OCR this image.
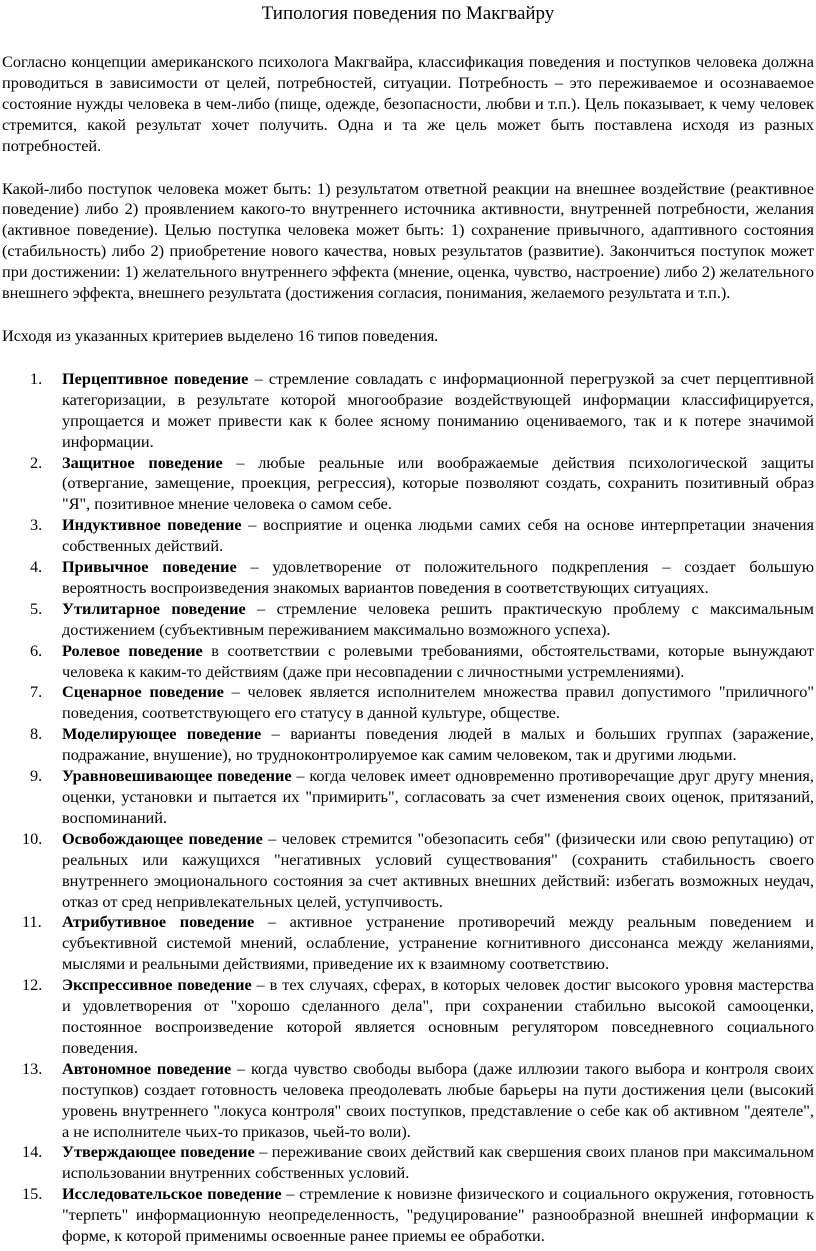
Типология поведения по Макгвайру

Согласно концепции американского психолога Макгвайра, классификация поведения и поступков человека должна проводиться в зависимости от целей, потребностей, ситуации. Потребность – это переживаемое и осознаваемое состояние нужды человека в чем-либо (пище, одежде, безопасности, любви и т.п.). Цель показывает, к чему человек стремится, какой результат хочет получить. Одна и та же цель может быть поставлена исходя из разных потребностей.

Какой-либо поступок человека может быть: 1) результатом ответной реакции на внешнее воздействие (реактивное поведение) либо 2) проявлением какого-то внутреннего источника активности, внутренней потребности, желания (активное поведение). Целью поступка человека может быть: 1) сохранение привычного, адаптивного состояния (стабильность) либо 2) приобретение нового качества, новых результатов (развитие). Закончиться поступок может при достижении: 1) желательного внутреннего эффекта (мнение, оценка, чувство, настроение) либо 2) желательного внешнего эффекта, внешнего результата (достижения согласия, понимания, желаемого результата и т.п.).

Исходя из указанных критериев выделено 16 типов поведения.

1. Перцептивное поведение – стремление совладать с информационной перегрузкой за счет перцептивной категоризации, в результате которой многообразие воздействующей информации классифицируется, упрощается и может привести как к более ясному пониманию оцениваемого, так и к потере значимой информации.
2. Защитное поведение – любые реальные или воображаемые действия психологической защиты (отвергание, замещение, проекция, регрессия), которые позволяют создать, сохранить позитивный образ "Я", позитивное мнение человека о самом себе.
3. Индуктивное поведение – восприятие и оценка людьми самих себя на основе интерпретации значения собственных действий.
4. Привычное поведение – удовлетворение от положительного подкрепления – создает большую вероятность воспроизведения знакомых вариантов поведения в соответствующих ситуациях.
5. Утилитарное поведение – стремление человека решить практическую проблему с максимальным достижением (субъективным переживанием максимально возможного успеха).
6. Ролевое поведение в соответствии с ролевыми требованиями, обстоятельствами, которые вынуждают человека к каким-то действиям (даже при несовпадении с личностными устремлениями).
7. Сценарное поведение – человек является исполнителем множества правил допустимого "приличного" поведения, соответствующего его статусу в данной культуре, обществе.
8. Моделирующее поведение – варианты поведения людей в малых и больших группах (заражение, подражание, внушение), но трудноконтролируемое как самим человеком, так и другими людьми.
9. Уравновешивающее поведение – когда человек имеет одновременно противоречащие друг другу мнения, оценки, установки и пытается их "примирить", согласовать за счет изменения своих оценок, притязаний, воспоминаний.
10. Освобождающее поведение – человек стремится "обезопасить себя" (физически или свою репутацию) от реальных или кажущихся "негативных условий существования" (сохранить стабильность своего внутреннего эмоционального состояния за счет активных внешних действий: избегать возможных неудач, отказ от сред непривлекательных целей, уступчивость.
11. Атрибутивное поведение – активное устранение противоречий между реальным поведением и субъективной системой мнений, ослабление, устранение когнитивного диссонанса между желаниями, мыслями и реальными действиями, приведение их к взаимному соответствию.
12. Экспрессивное поведение – в тех случаях, сферах, в которых человек достиг высокого уровня мастерства и удовлетворения от "хорошо сделанного дела", при сохранении стабильно высокой самооценки, постоянное воспроизведение которой является основным регулятором повседневного социального поведения.
13. Автономное поведение – когда чувство свободы выбора (даже иллюзии такого выбора и контроля своих поступков) создает готовность человека преодолевать любые барьеры на пути достижения цели (высокий уровень внутреннего "локуса контроля" своих поступков, представление о себе как об активном "деятеле", а не исполнителе чьих-то приказов, чьей-то воли).
14. Утверждающее поведение – переживание своих действий как свершения своих планов при максимальном использовании внутренних собственных условий.
15. Исследовательское поведение – стремление к новизне физического и социального окружения, готовность "терпеть" информационную неопределенность, "редуцирование" разнообразной внешней информации к форме, к которой применимы освоенные ранее приемы ее обработки.
